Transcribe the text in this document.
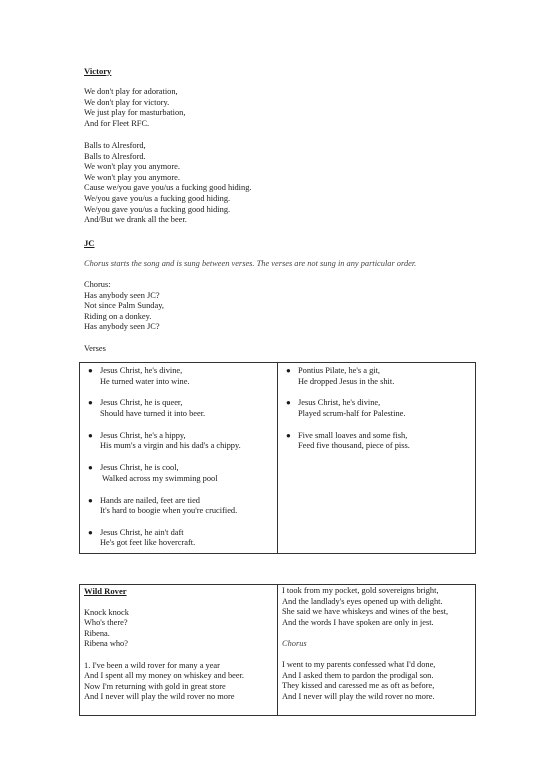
Victory
We don't play for adoration,
We don't play for victory.
We just play for masturbation,
And for Fleet RFC.
Balls to Alresford,
Balls to Alresford.
We won't play you anymore.
We won't play you anymore.
Cause we/you gave you/us a fucking good hiding.
We/you gave you/us a fucking good hiding.
We/you gave you/us a fucking good hiding.
And/But we drank all the beer.
JC
Chorus starts the song and is sung between verses. The verses are not sung in any particular order.
Chorus:
Has anybody seen JC?
Not since Palm Sunday,
Riding on a donkey.
Has anybody seen JC?
Verses
● Jesus Christ, he's divine,
He turned water into wine.
● Jesus Christ, he is queer,
Should have turned it into beer.
● Jesus Christ, he's a hippy,
His mum's a virgin and his dad's a chippy.
● Jesus Christ, he is cool,
Walked across my swimming pool
● Hands are nailed, feet are tied
It's hard to boogie when you're crucified.
● Jesus Christ, he ain't daft
He's got feet like hovercraft.

● Pontius Pilate, he's a git,
He dropped Jesus in the shit.
● Jesus Christ, he's divine,
Played scrum-half for Palestine.
● Five small loaves and some fish,
Feed five thousand, piece of piss.
Wild Rover
Knock knock
Who's there?
Ribena.
Ribena who?
1. I've been a wild rover for many a year
And I spent all my money on whiskey and beer.
Now I'm returning with gold in great store
And I never will play the wild rover no more

I took from my pocket, gold sovereigns bright,
And the landlady's eyes opened up with delight.
She said we have whiskeys and wines of the best,
And the words I have spoken are only in jest.
Chorus
I went to my parents confessed what I'd done,
And I asked them to pardon the prodigal son.
They kissed and caressed me as oft as before,
And I never will play the wild rover no more.
